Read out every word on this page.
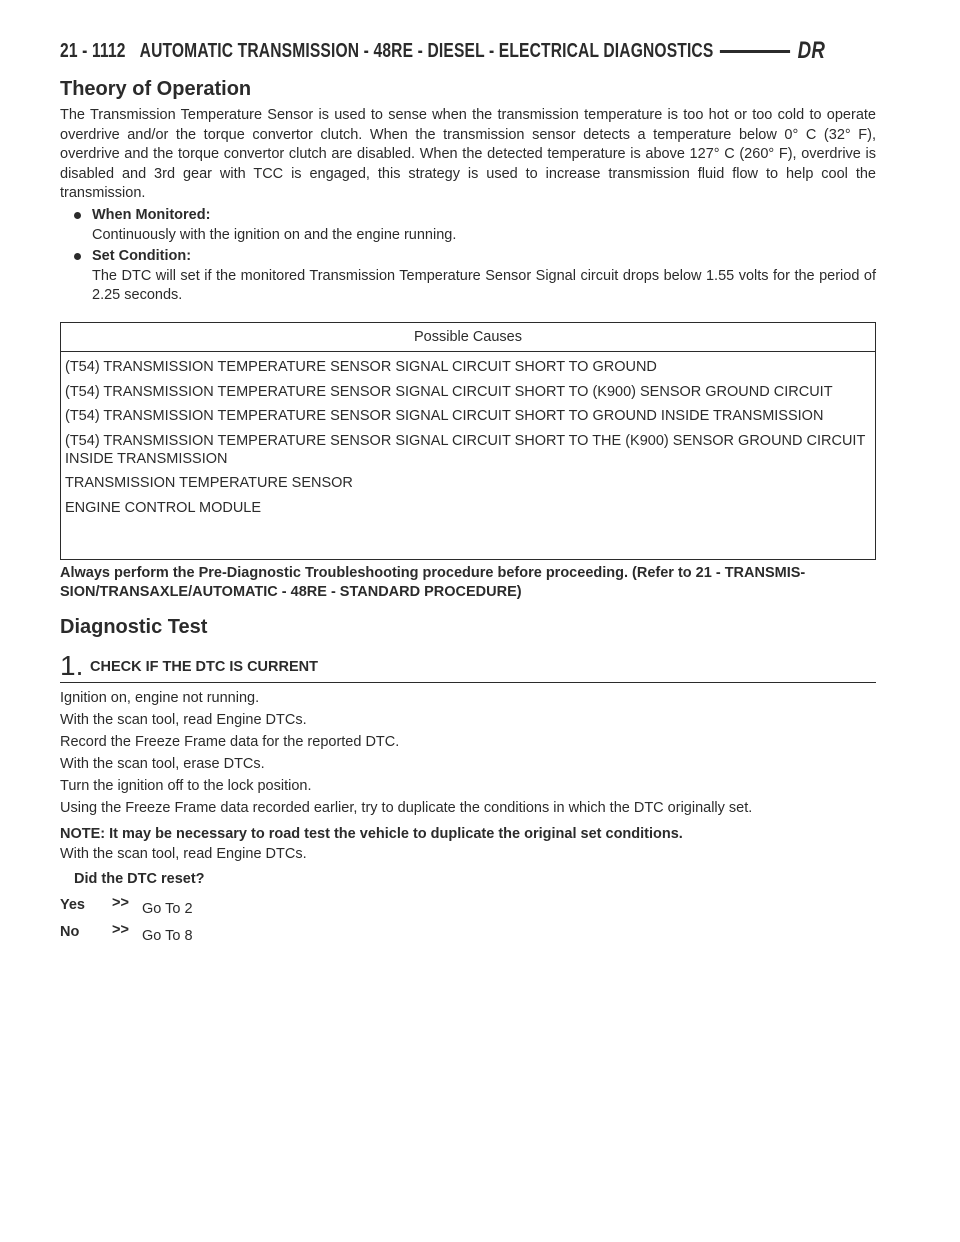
21 - 1112 AUTOMATIC TRANSMISSION - 48RE - DIESEL - ELECTRICAL DIAGNOSTICS	DR
Theory of Operation

The Transmission Temperature Sensor is used to sense when the transmission temperature is too hot or too cold to operate overdrive and/or the torque convertor clutch. When the transmission sensor detects a temperature below 0° C (32° F), overdrive and the torque convertor clutch are disabled. When the detected temperature is above 127° C (260° F), overdrive is disabled and 3rd gear with TCC is engaged, this strategy is used to increase transmission fluid flow to help cool the transmission.

When Monitored:
Continuously with the ignition on and the engine running.
Set Condition:
The DTC will set if the monitored Transmission Temperature Sensor Signal circuit drops below 1.55 volts for the period of 2.25 seconds.
Possible Causes
(T54) TRANSMISSION TEMPERATURE SENSOR SIGNAL CIRCUIT SHORT TO GROUND
(T54) TRANSMISSION TEMPERATURE SENSOR SIGNAL CIRCUIT SHORT TO (K900) SENSOR GROUND CIRCUIT
(T54) TRANSMISSION TEMPERATURE SENSOR SIGNAL CIRCUIT SHORT TO GROUND INSIDE TRANSMISSION
(T54) TRANSMISSION TEMPERATURE SENSOR SIGNAL CIRCUIT SHORT TO THE (K900) SENSOR GROUND CIRCUIT INSIDE TRANSMISSION
TRANSMISSION TEMPERATURE SENSOR
ENGINE CONTROL MODULE
Always perform the Pre-Diagnostic Troubleshooting procedure before proceeding. (Refer to 21 - TRANSMIS-SION/TRANSAXLE/AUTOMATIC - 48RE - STANDARD PROCEDURE)
Diagnostic Test
1. CHECK IF THE DTC IS CURRENT
Ignition on, engine not running.
With the scan tool, read Engine DTCs.
Record the Freeze Frame data for the reported DTC.
With the scan tool, erase DTCs.
Turn the ignition off to the lock position.
Using the Freeze Frame data recorded earlier, try to duplicate the conditions in which the DTC originally set.
NOTE: It may be necessary to road test the vehicle to duplicate the original set conditions.
With the scan tool, read Engine DTCs.
Did the DTC reset?
Yes >> Go To 2
No >> Go To 8
